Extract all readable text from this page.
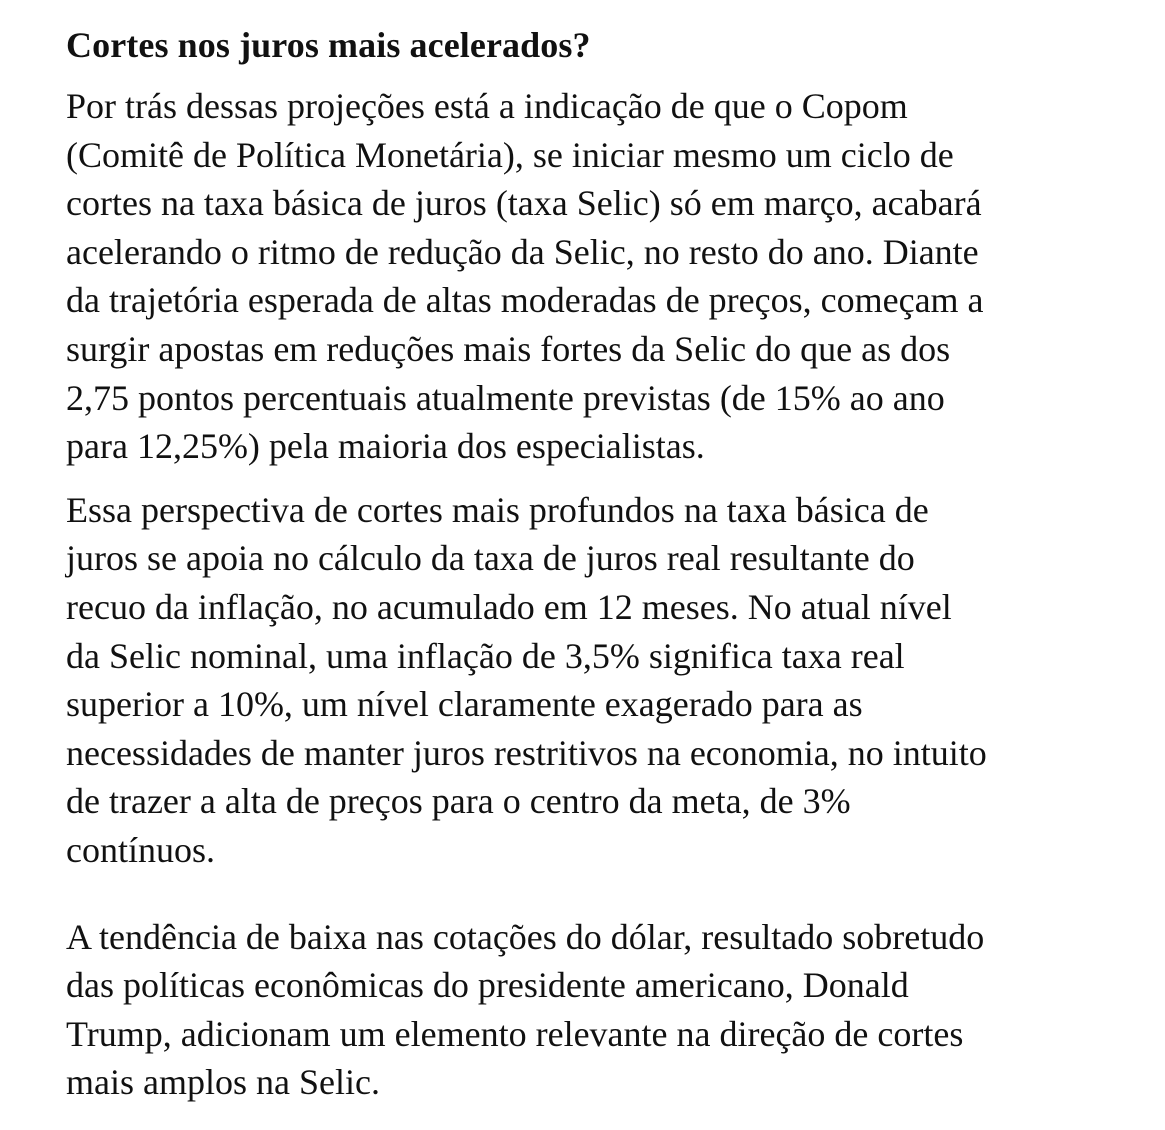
Cortes nos juros mais acelerados?

Por trás dessas projeções está a indicação de que o Copom
(Comitê de Política Monetária), se iniciar mesmo um ciclo de
cortes na taxa básica de juros (taxa Selic) só em março, acabará
acelerando o ritmo de redução da Selic, no resto do ano. Diante
da trajetória esperada de altas moderadas de preços, começam a
surgir apostas em reduções mais fortes da Selic do que as dos
2,75 pontos percentuais atualmente previstas (de 15% ao ano
para 12,25%) pela maioria dos especialistas.

Essa perspectiva de cortes mais profundos na taxa básica de
juros se apoia no cálculo da taxa de juros real resultante do
recuo da inflação, no acumulado em 12 meses. No atual nível
da Selic nominal, uma inflação de 3,5% significa taxa real
superior a 10%, um nível claramente exagerado para as
necessidades de manter juros restritivos na economia, no intuito
de trazer a alta de preços para o centro da meta, de 3%
contínuos.

A tendência de baixa nas cotações do dólar, resultado sobretudo
das políticas econômicas do presidente americano, Donald
Trump, adicionam um elemento relevante na direção de cortes
mais amplos na Selic.
